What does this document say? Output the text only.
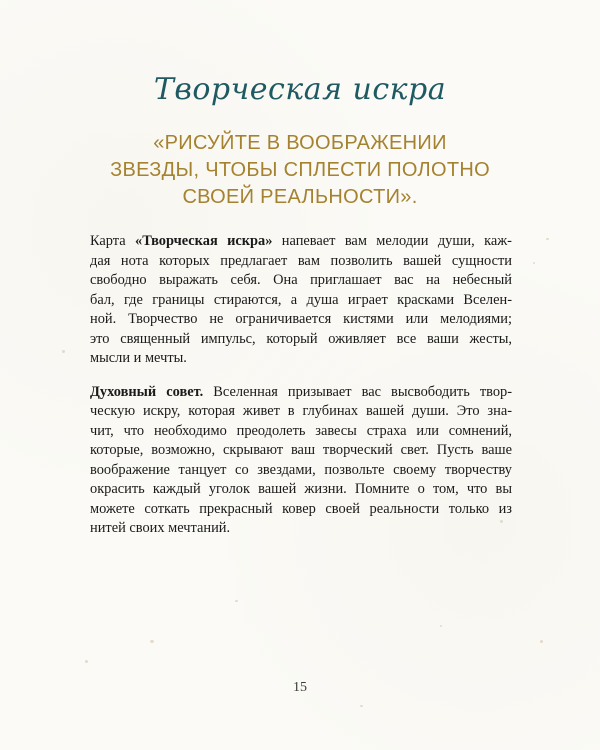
Творческая искра
«РИСУЙТЕ В ВООБРАЖЕНИИ
ЗВЕЗДЫ, ЧТОБЫ СПЛЕСТИ ПОЛОТНО
СВОЕЙ РЕАЛЬНОСТИ».

Карта «Творческая искра» напевает вам мелодии души, каж-
дая нота которых предлагает вам позволить вашей сущности
свободно выражать себя. Она приглашает вас на небесный
бал, где границы стираются, а душа играет красками Вселен-
ной. Творчество не ограничивается кистями или мелодиями;
это священный импульс, который оживляет все ваши жесты,
мысли и мечты.

Духовный совет. Вселенная призывает вас высвободить твор-
ческую искру, которая живет в глубинах вашей души. Это зна-
чит, что необходимо преодолеть завесы страха или сомнений,
которые, возможно, скрывают ваш творческий свет. Пусть ваше
воображение танцует со звездами, позвольте своему творчеству
окрасить каждый уголок вашей жизни. Помните о том, что вы
можете соткать прекрасный ковер своей реальности только из
нитей своих мечтаний.

15
